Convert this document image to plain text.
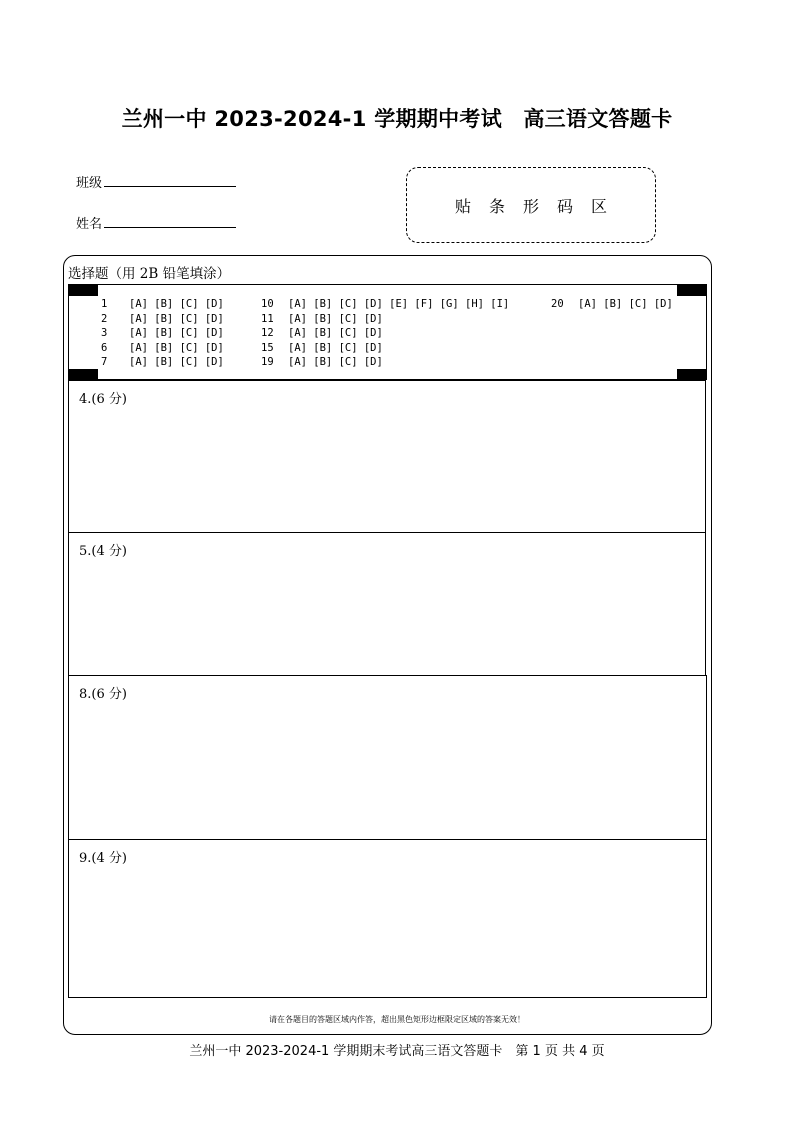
兰州一中 2023-2024-1 学期期中考试　高三语文答题卡
班级
姓名
贴条形码区
选择题（用 2B 铅笔填涂）
1 [A] [B] [C] [D]	10 [A] [B] [C] [D] [E] [F] [G] [H] [I]	20 [A] [B] [C] [D]
2 [A] [B] [C] [D]	11 [A] [B] [C] [D]
3 [A] [B] [C] [D]	12 [A] [B] [C] [D]
6 [A] [B] [C] [D]	15 [A] [B] [C] [D]
7 [A] [B] [C] [D]	19 [A] [B] [C] [D]
4.(6 分)
5.(4 分)
8.(6 分)
9.(4 分)
请在各题目的答题区域内作答，超出黑色矩形边框限定区域的答案无效！
兰州一中 2023-2024-1 学期期末考试高三语文答题卡　第 1 页 共 4 页
